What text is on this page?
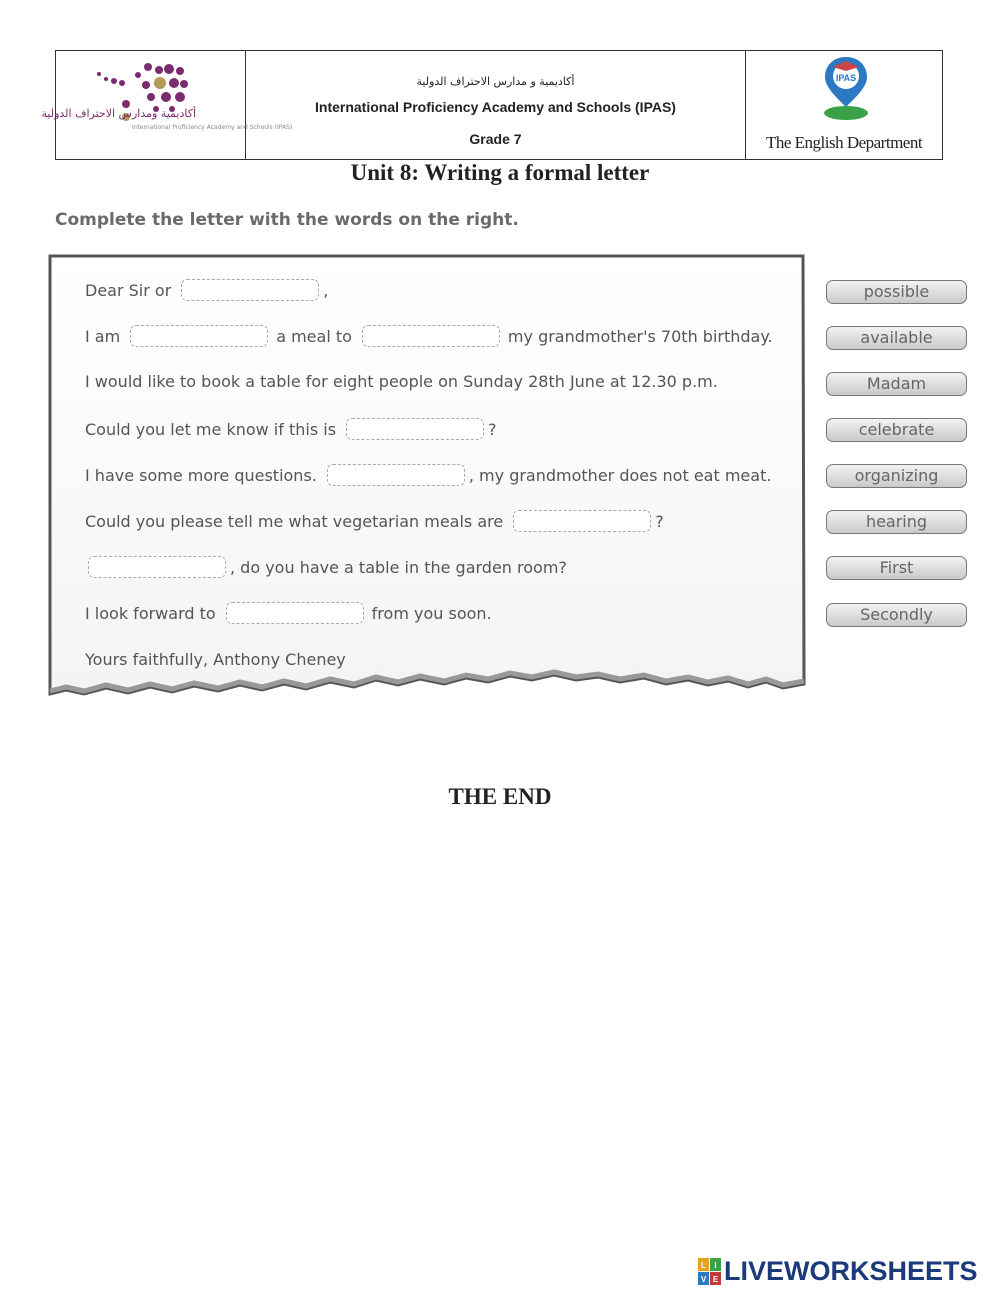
أكاديمية ومدارس الاحتراف الدولية
International Proficiency Academy and Schools (IPAS)
أكاديمية و مدارس الاحتراف الدولية
International Proficiency Academy and Schools (IPAS)
Grade 7
IPAS
The English Department
Unit 8: Writing a formal letter
Complete the letter with the words on the right.
Dear Sir or	,
I am	a meal to	my grandmother's 70th birthday.
I would like to book a table for eight people on Sunday 28th June at 12.30 p.m.
Could you let me know if this is	?
I have some more questions.	, my grandmother does not eat meat.
Could you please tell me what vegetarian meals are	?
, do you have a table in the garden room?
I look forward to	from you soon.
Yours faithfully, Anthony Cheney
possible
available
Madam
celebrate
organizing
hearing
First
Secondly
THE END
L I
V E LIVEWORKSHEETS
